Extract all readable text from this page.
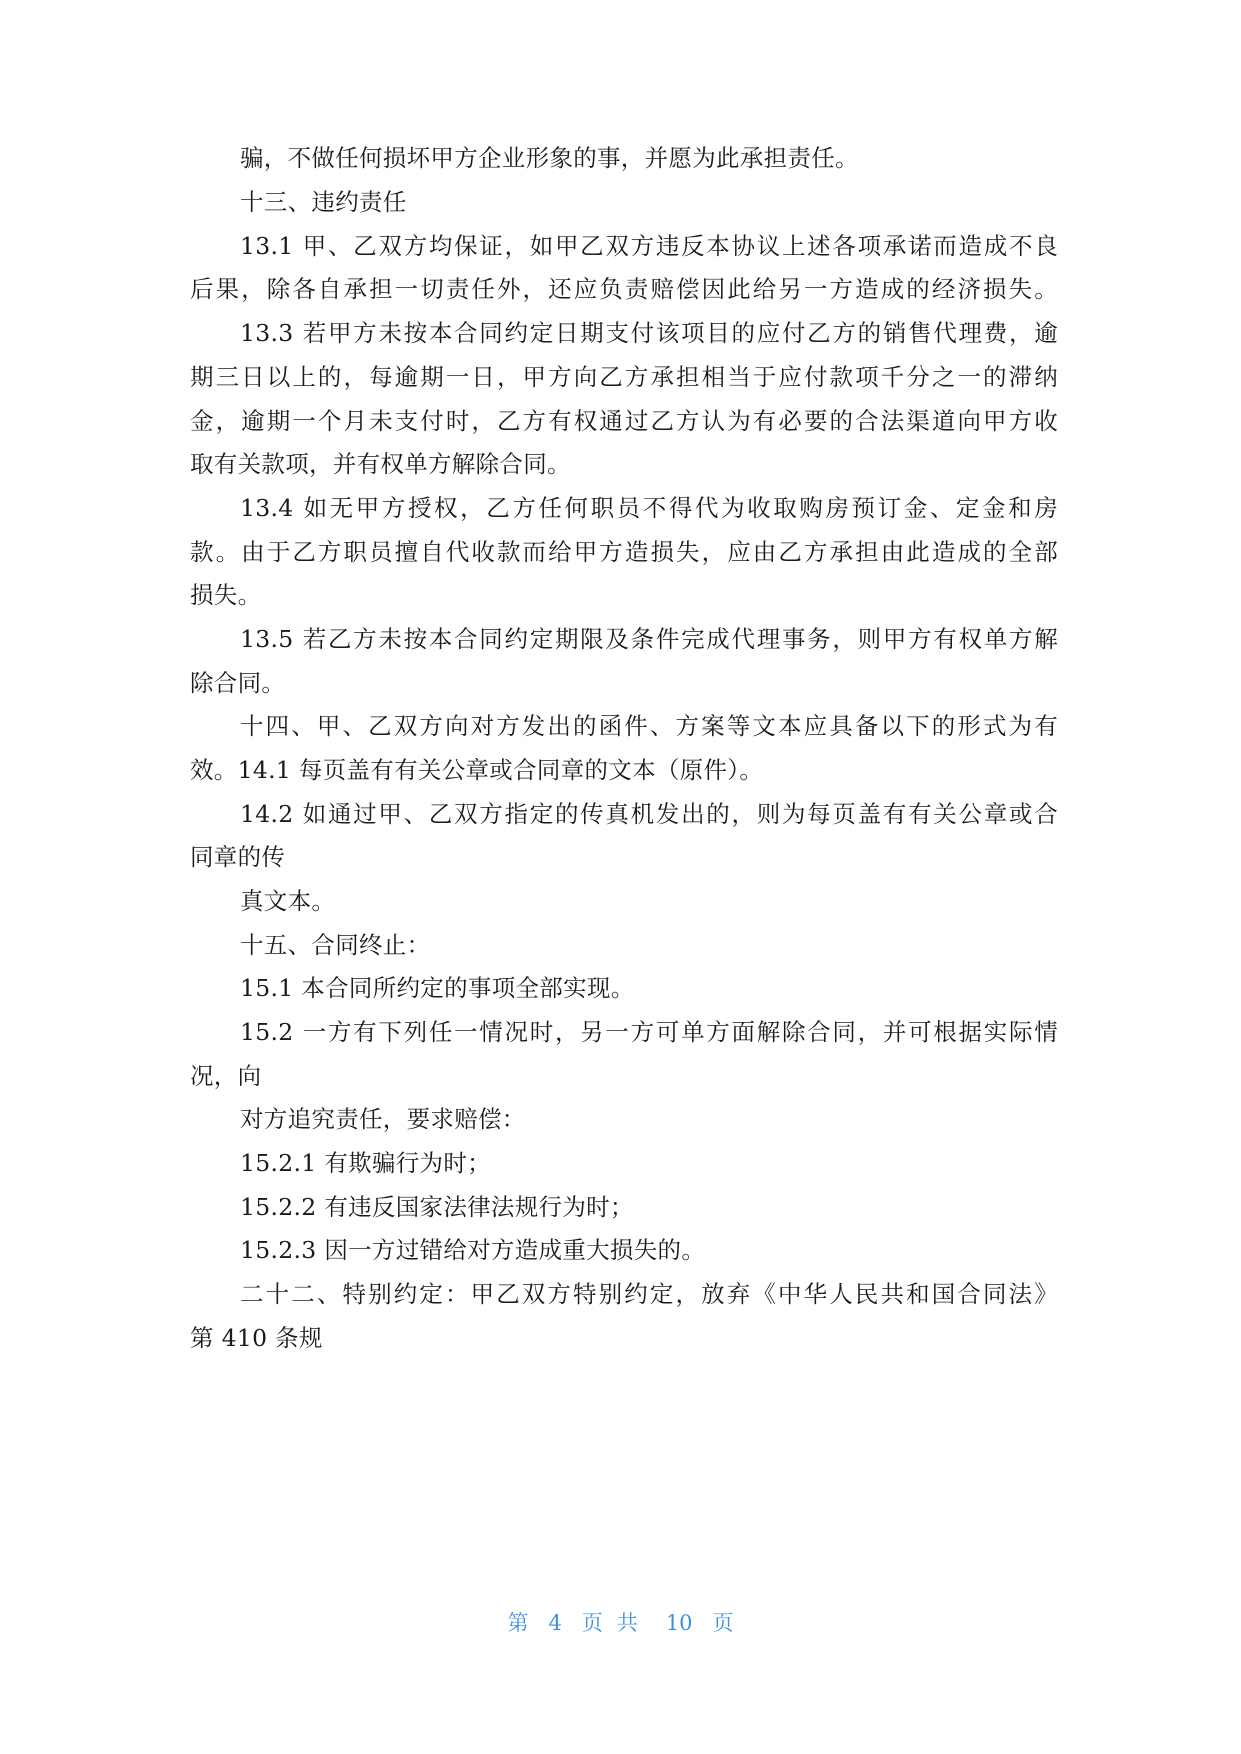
骗，不做任何损坏甲方企业形象的事，并愿为此承担责任。
十三、违约责任
13.1 甲、乙双方均保证，如甲乙双方违反本协议上述各项承诺而造成不良
后果，除各自承担一切责任外，还应负责赔偿因此给另一方造成的经济损失。
13.3 若甲方未按本合同约定日期支付该项目的应付乙方的销售代理费，逾
期三日以上的，每逾期一日，甲方向乙方承担相当于应付款项千分之一的滞纳
金，逾期一个月未支付时，乙方有权通过乙方认为有必要的合法渠道向甲方收
取有关款项，并有权单方解除合同。
13.4 如无甲方授权，乙方任何职员不得代为收取购房预订金、定金和房
款。由于乙方职员擅自代收款而给甲方造损失，应由乙方承担由此造成的全部
损失。
13.5 若乙方未按本合同约定期限及条件完成代理事务，则甲方有权单方解
除合同。
十四、甲、乙双方向对方发出的函件、方案等文本应具备以下的形式为有
效。14.1 每页盖有有关公章或合同章的文本（原件）。
14.2 如通过甲、乙双方指定的传真机发出的，则为每页盖有有关公章或合
同章的传
真文本。
十五、合同终止：
15.1 本合同所约定的事项全部实现。
15.2 一方有下列任一情况时，另一方可单方面解除合同，并可根据实际情
况，向
对方追究责任，要求赔偿：
15.2.1 有欺骗行为时；
15.2.2 有违反国家法律法规行为时；
15.2.3 因一方过错给对方造成重大损失的。
二十二、特别约定：甲乙双方特别约定，放弃《中华人民共和国合同法》
第 410 条规
第 4 页共 10 页
